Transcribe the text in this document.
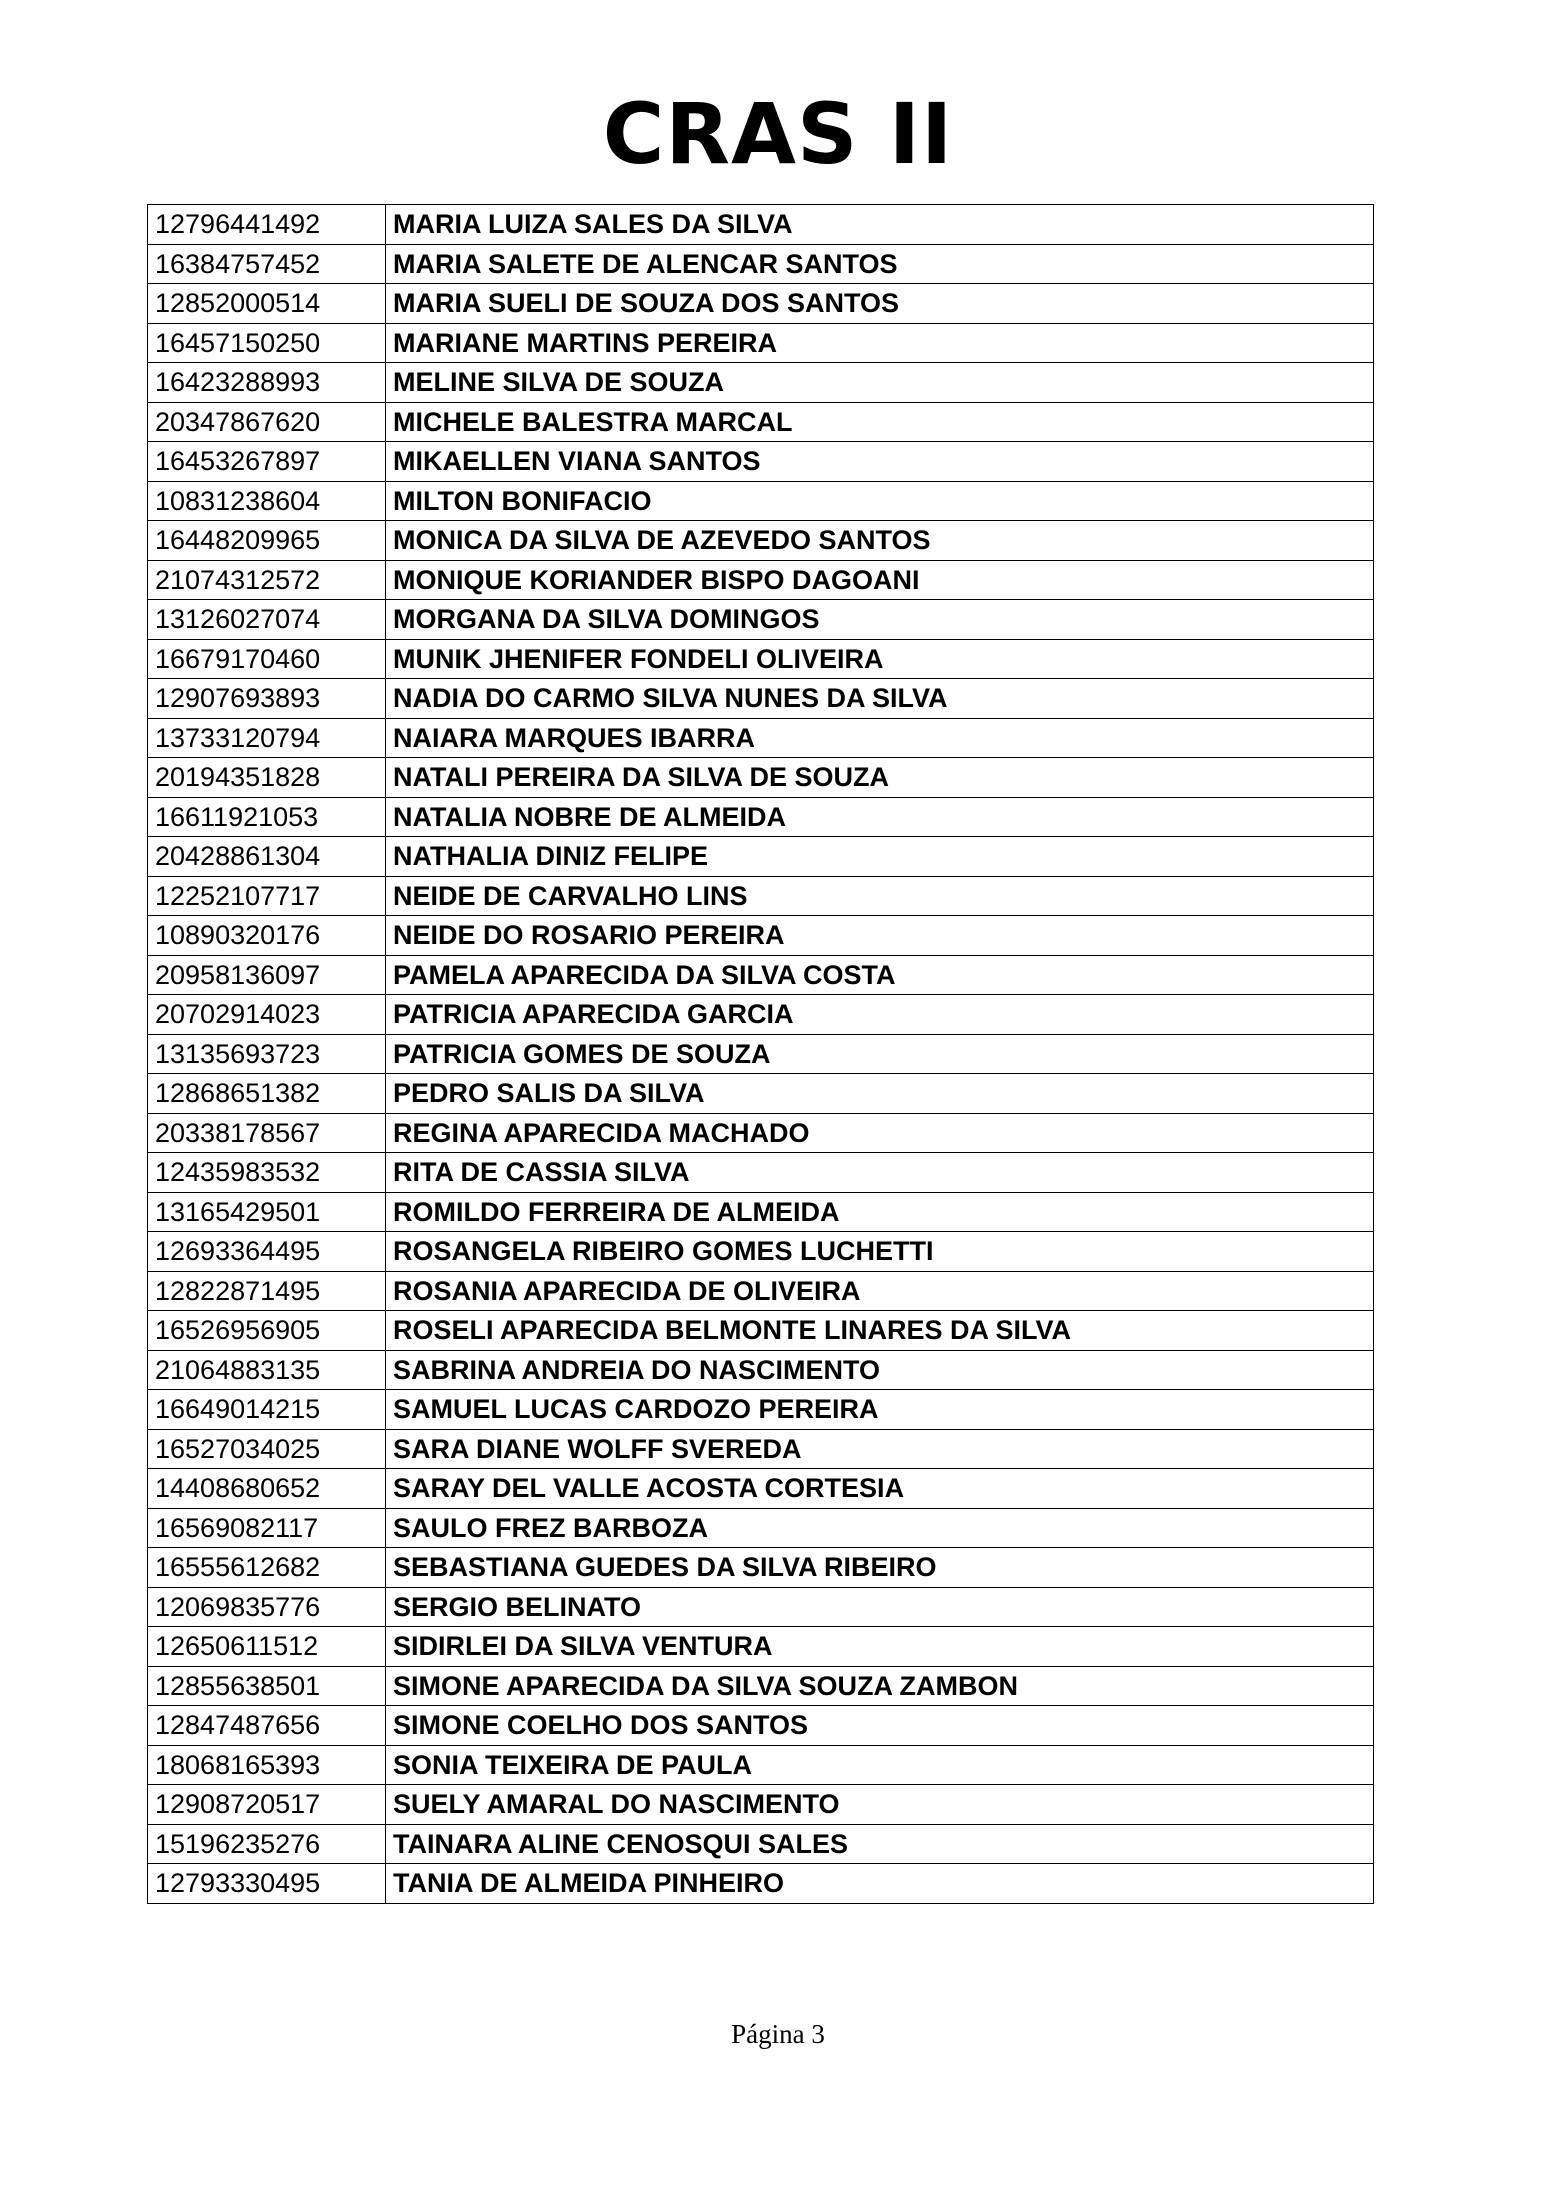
CRAS II
12796441492	MARIA LUIZA SALES DA SILVA
16384757452	MARIA SALETE DE ALENCAR SANTOS
12852000514	MARIA SUELI DE SOUZA DOS SANTOS
16457150250	MARIANE MARTINS PEREIRA
16423288993	MELINE SILVA DE SOUZA
20347867620	MICHELE BALESTRA MARCAL
16453267897	MIKAELLEN VIANA SANTOS
10831238604	MILTON BONIFACIO
16448209965	MONICA DA SILVA DE AZEVEDO SANTOS
21074312572	MONIQUE KORIANDER BISPO DAGOANI
13126027074	MORGANA DA SILVA DOMINGOS
16679170460	MUNIK JHENIFER FONDELI OLIVEIRA
12907693893	NADIA DO CARMO SILVA NUNES DA SILVA
13733120794	NAIARA MARQUES IBARRA
20194351828	NATALI PEREIRA DA SILVA DE SOUZA
16611921053	NATALIA NOBRE DE ALMEIDA
20428861304	NATHALIA DINIZ FELIPE
12252107717	NEIDE DE CARVALHO LINS
10890320176	NEIDE DO ROSARIO PEREIRA
20958136097	PAMELA APARECIDA DA SILVA COSTA
20702914023	PATRICIA APARECIDA GARCIA
13135693723	PATRICIA GOMES DE SOUZA
12868651382	PEDRO SALIS DA SILVA
20338178567	REGINA APARECIDA MACHADO
12435983532	RITA DE CASSIA SILVA
13165429501	ROMILDO FERREIRA DE ALMEIDA
12693364495	ROSANGELA RIBEIRO GOMES LUCHETTI
12822871495	ROSANIA APARECIDA DE OLIVEIRA
16526956905	ROSELI APARECIDA BELMONTE LINARES DA SILVA
21064883135	SABRINA ANDREIA DO NASCIMENTO
16649014215	SAMUEL LUCAS CARDOZO PEREIRA
16527034025	SARA DIANE WOLFF SVEREDA
14408680652	SARAY DEL VALLE ACOSTA CORTESIA
16569082117	SAULO FREZ BARBOZA
16555612682	SEBASTIANA GUEDES DA SILVA RIBEIRO
12069835776	SERGIO BELINATO
12650611512	SIDIRLEI DA SILVA VENTURA
12855638501	SIMONE APARECIDA DA SILVA SOUZA ZAMBON
12847487656	SIMONE COELHO DOS SANTOS
18068165393	SONIA TEIXEIRA DE PAULA
12908720517	SUELY AMARAL DO NASCIMENTO
15196235276	TAINARA ALINE CENOSQUI SALES
12793330495	TANIA DE ALMEIDA PINHEIRO
Página 3
